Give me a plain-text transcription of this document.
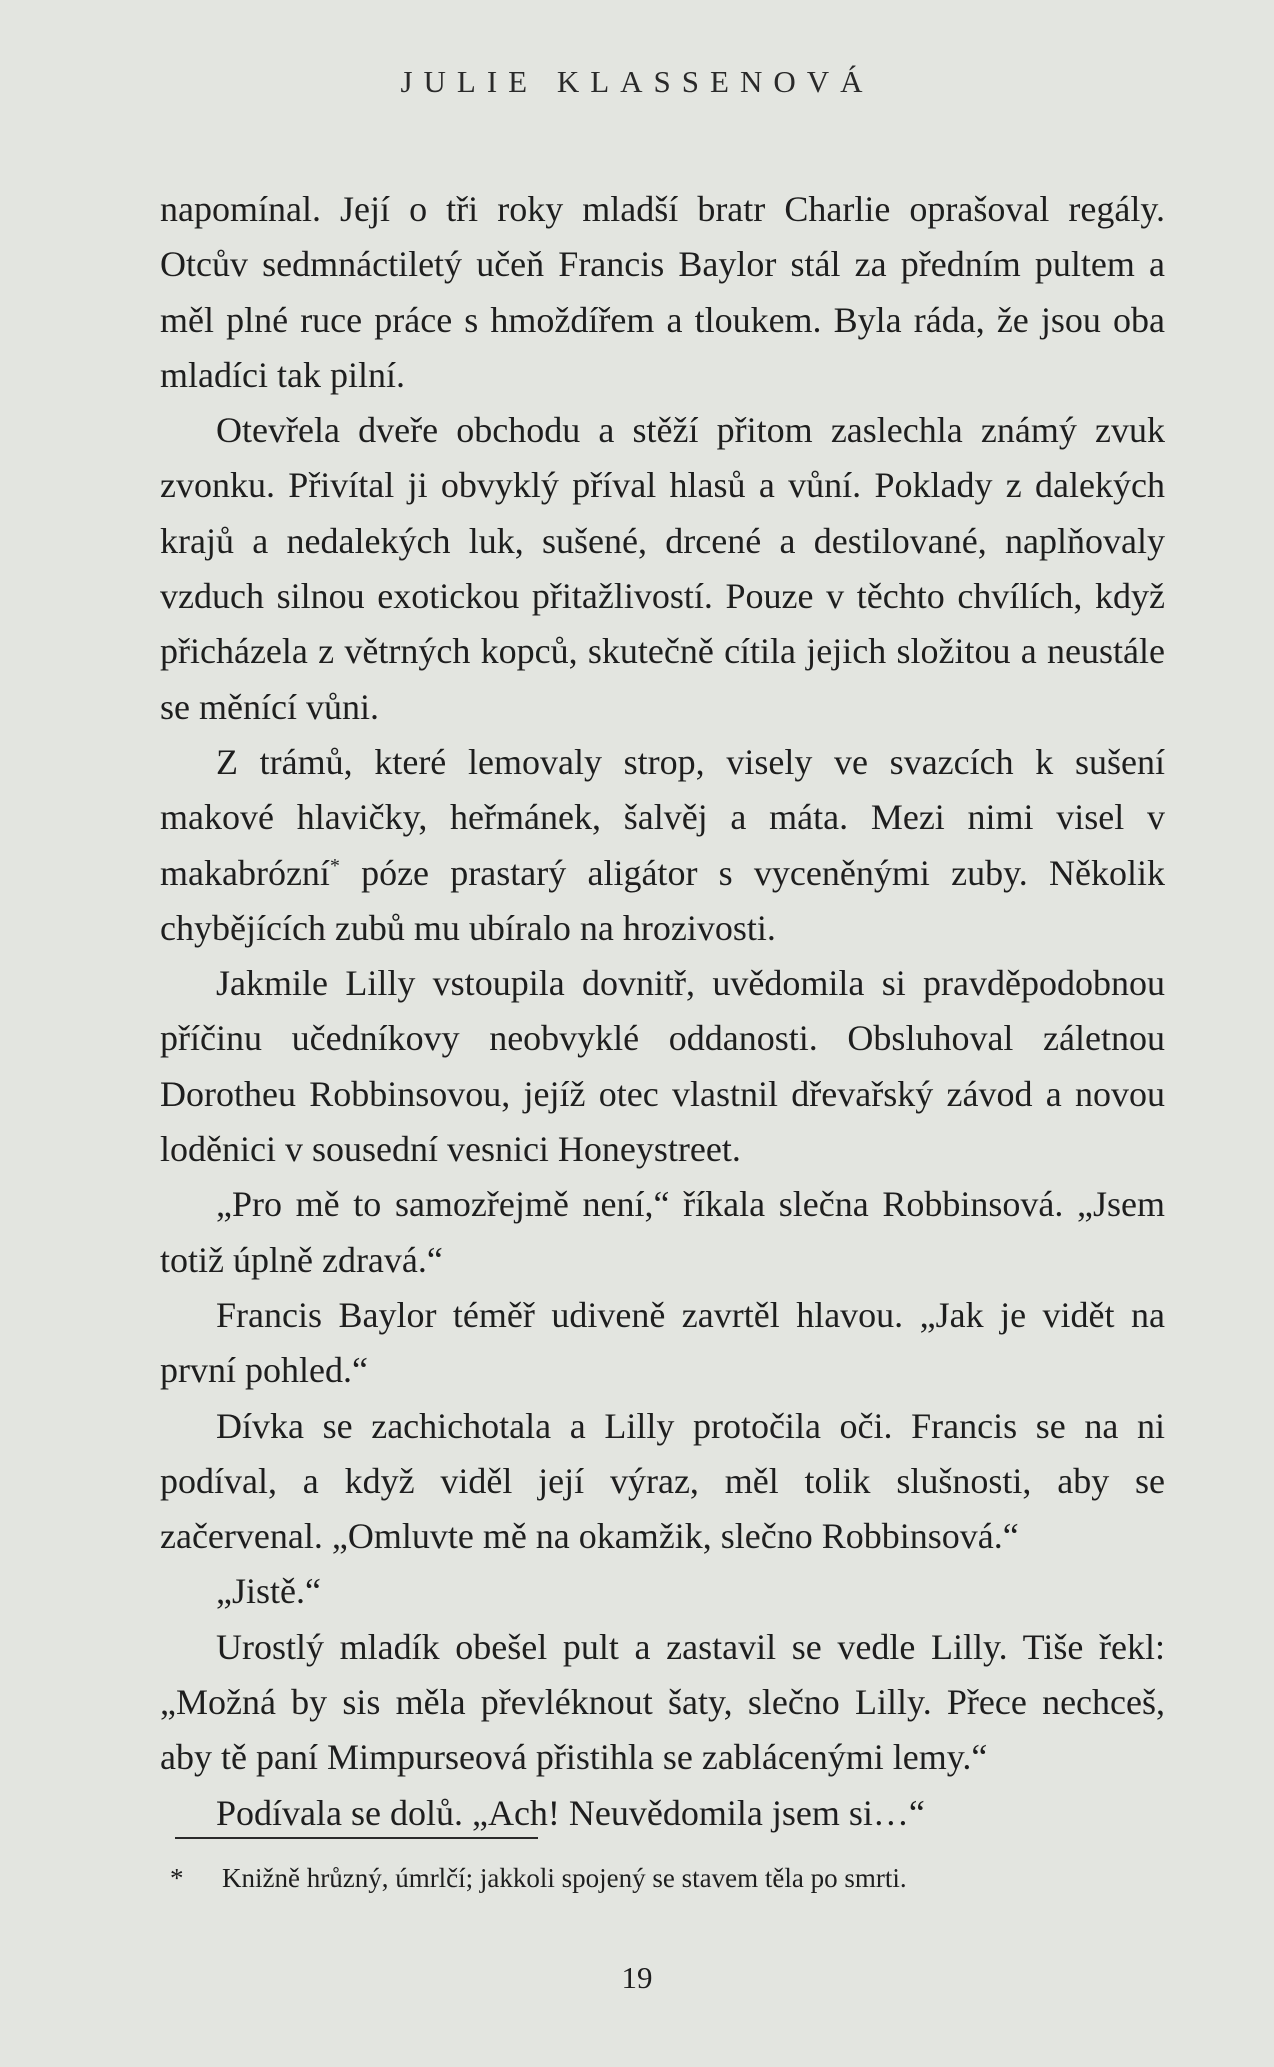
JULIE KLASSENOVÁ

napomínal. Její o tři roky mladší bratr Charlie oprašoval regály. Otcův sedmnáctiletý učeň Francis Baylor stál za předním pultem a měl plné ruce práce s hmoždířem a tloukem. Byla ráda, že jsou oba mladíci tak pilní.

Otevřela dveře obchodu a stěží přitom zaslechla známý zvuk zvonku. Přivítal ji obvyklý příval hlasů a vůní. Poklady z dalekých krajů a nedalekých luk, sušené, drcené a destilované, naplňovaly vzduch silnou exotickou přitažlivostí. Pouze v těchto chvílích, když přicházela z větrných kopců, skutečně cítila jejich složitou a neustále se měnící vůni.

Z trámů, které lemovaly strop, visely ve svazcích k sušení makové hlavičky, heřmánek, šalvěj a máta. Mezi nimi visel v makabrózní* póze prastarý aligátor s vyceněnými zuby. Několik chybějících zubů mu ubíralo na hrozivosti.

Jakmile Lilly vstoupila dovnitř, uvědomila si pravděpodobnou příčinu učedníkovy neobvyklé oddanosti. Obsluhoval záletnou Dorotheu Robbinsovou, jejíž otec vlastnil dřevařský závod a novou loděnici v sousední vesnici Honeystreet.

„Pro mě to samozřejmě není,“ říkala slečna Robbinsová. „Jsem totiž úplně zdravá.“

Francis Baylor téměř udiveně zavrtěl hlavou. „Jak je vidět na první pohled.“

Dívka se zachichotala a Lilly protočila oči. Francis se na ni podíval, a když viděl její výraz, měl tolik slušnosti, aby se začervenal. „Omluvte mě na okamžik, slečno Robbinsová.“

„Jistě.“

Urostlý mladík obešel pult a zastavil se vedle Lilly. Tiše řekl: „Možná by sis měla převléknout šaty, slečno Lilly. Přece nechceš, aby tě paní Mimpurseová přistihla se zablácenými lemy.“

Podívala se dolů. „Ach! Neuvědomila jsem si…“

* Knižně hrůzný, úmrlčí; jakkoli spojený se stavem těla po smrti.
19
